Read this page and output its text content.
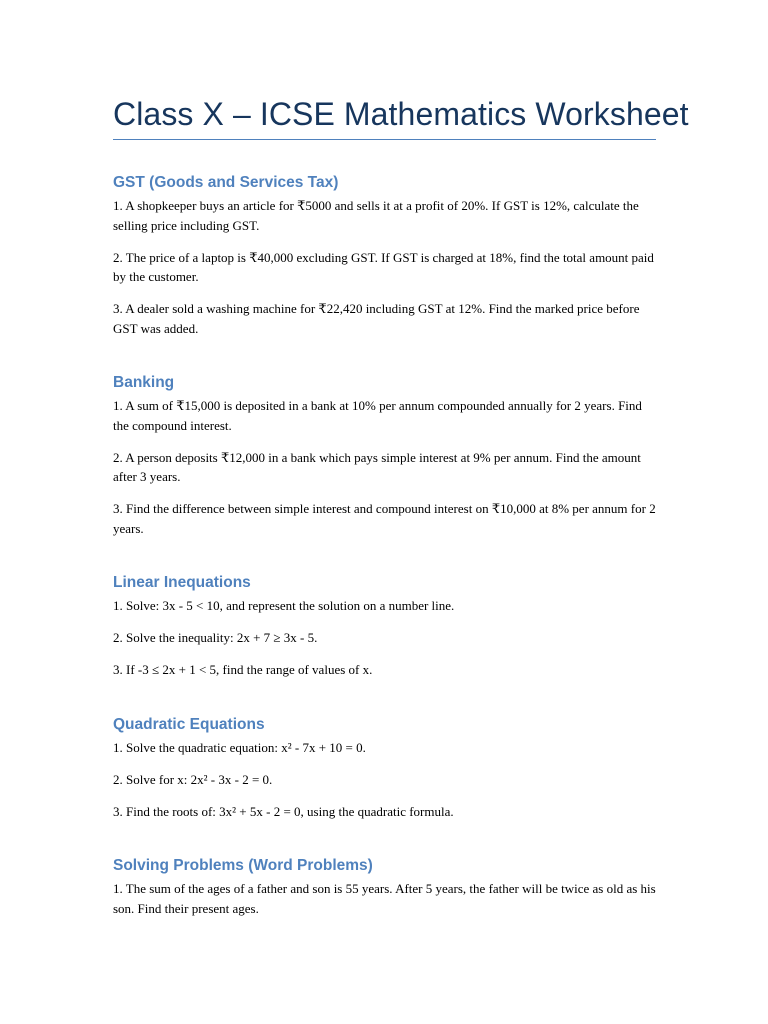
Class X – ICSE Mathematics Worksheet
GST (Goods and Services Tax)

1. A shopkeeper buys an article for ₹5000 and sells it at a profit of 20%. If GST is 12%, calculate the selling price including GST.

2. The price of a laptop is ₹40,000 excluding GST. If GST is charged at 18%, find the total amount paid by the customer.

3. A dealer sold a washing machine for ₹22,420 including GST at 12%. Find the marked price before GST was added.

Banking

1. A sum of ₹15,000 is deposited in a bank at 10% per annum compounded annually for 2 years. Find the compound interest.

2. A person deposits ₹12,000 in a bank which pays simple interest at 9% per annum. Find the amount after 3 years.

3. Find the difference between simple interest and compound interest on ₹10,000 at 8% per annum for 2 years.

Linear Inequations

1. Solve: 3x - 5 < 10, and represent the solution on a number line.

2. Solve the inequality: 2x + 7 ≥ 3x - 5.

3. If -3 ≤ 2x + 1 < 5, find the range of values of x.

Quadratic Equations

1. Solve the quadratic equation: x² - 7x + 10 = 0.

2. Solve for x: 2x² - 3x - 2 = 0.

3. Find the roots of: 3x² + 5x - 2 = 0, using the quadratic formula.

Solving Problems (Word Problems)

1. The sum of the ages of a father and son is 55 years. After 5 years, the father will be twice as old as his son. Find their present ages.
